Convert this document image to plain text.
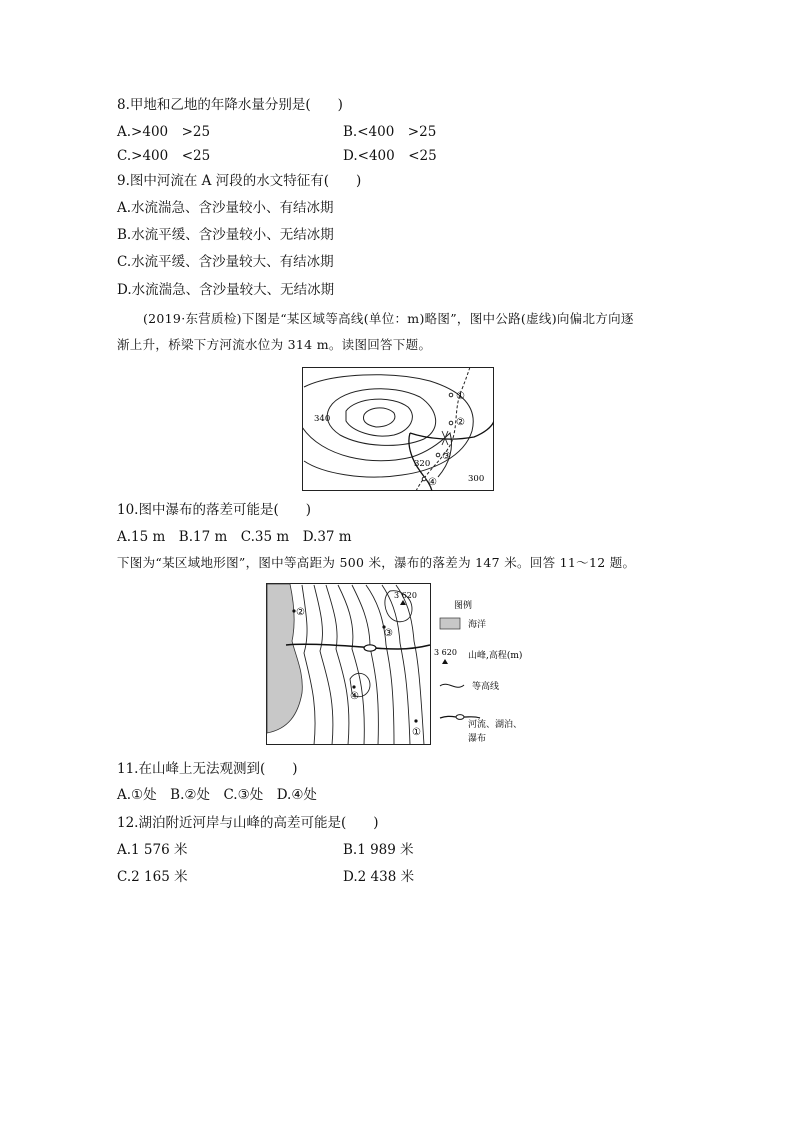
8.甲地和乙地的年降水量分别是(　　)
A.>400　>25	B.<400　>25
C.>400　<25	D.<400　<25
9.图中河流在 A 河段的水文特征有(　　)
A.水流湍急、含沙量较小、有结冰期
B.水流平缓、含沙量较小、无结冰期
C.水流平缓、含沙量较大、有结冰期
D.水流湍急、含沙量较大、无结冰期
(2019·东营质检)下图是“某区域等高线(单位：m)略图”，图中公路(虚线)向偏北方向逐
渐上升，桥梁下方河流水位为 314 m。读图回答下题。
①
②
③
④
340
320
300
10.图中瀑布的落差可能是(　　)
A.15 m　B.17 m　C.35 m　D.37 m
下图为“某区域地形图”，图中等高距为 500 米，瀑布的落差为 147 米。回答 11～12 题。
3 620
①
②
③
④
图例
海洋
3 620 山峰,高程(m)
等高线
河流、湖泊、
瀑布
11.在山峰上无法观测到(　　)
A.①处　B.②处　C.③处　D.④处
12.湖泊附近河岸与山峰的高差可能是(　　)
A.1 576 米	B.1 989 米
C.2 165 米	D.2 438 米
